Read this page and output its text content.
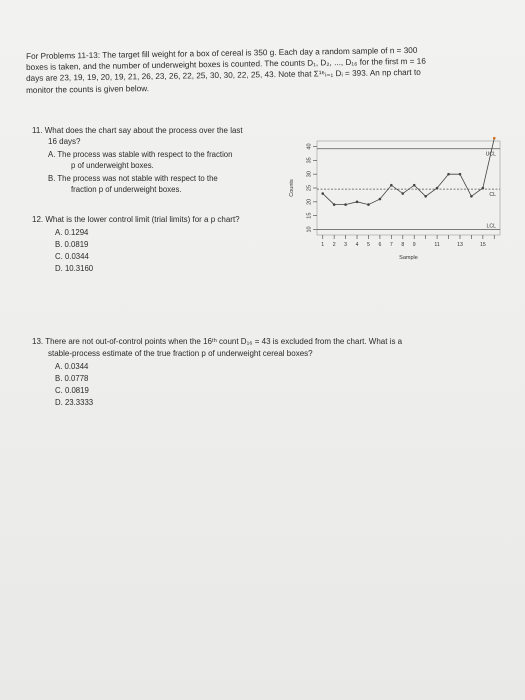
For Problems 11-13: The target fill weight for a box of cereal is 350 g. Each day a random sample of n = 300
boxes is taken, and the number of underweight boxes is counted. The counts D₁, D₂, ..., D₁₆ for the first m = 16
days are 23, 19, 19, 20, 19, 21, 26, 23, 26, 22, 25, 30, 30, 22, 25, 43. Note that Σ¹⁶ᵢ₌₁ Dᵢ = 393. An np chart to
monitor the counts is given below.
11. What does the chart say about the process over the last
16 days?
A. The process was stable with respect to the fraction
p of underweight boxes.
B. The process was not stable with respect to the
fraction p of underweight boxes.
12. What is the lower control limit (trial limits) for a p chart?
A. 0.1294
B. 0.0819
C. 0.0344
D. 10.3160
13. There are not out-of-control points when the 16ᵗʰ count D₁₆ = 43 is excluded from the chart. What is a
stable-process estimate of the true fraction p of underweight cereal boxes?
A. 0.0344
B. 0.0778
C. 0.0819
D. 23.3333
10
15
20
25
30
35
40
Counts
1 2 3 4 5 6 7 8 9	11	13	15
Sample
UCL
CL
LCL
